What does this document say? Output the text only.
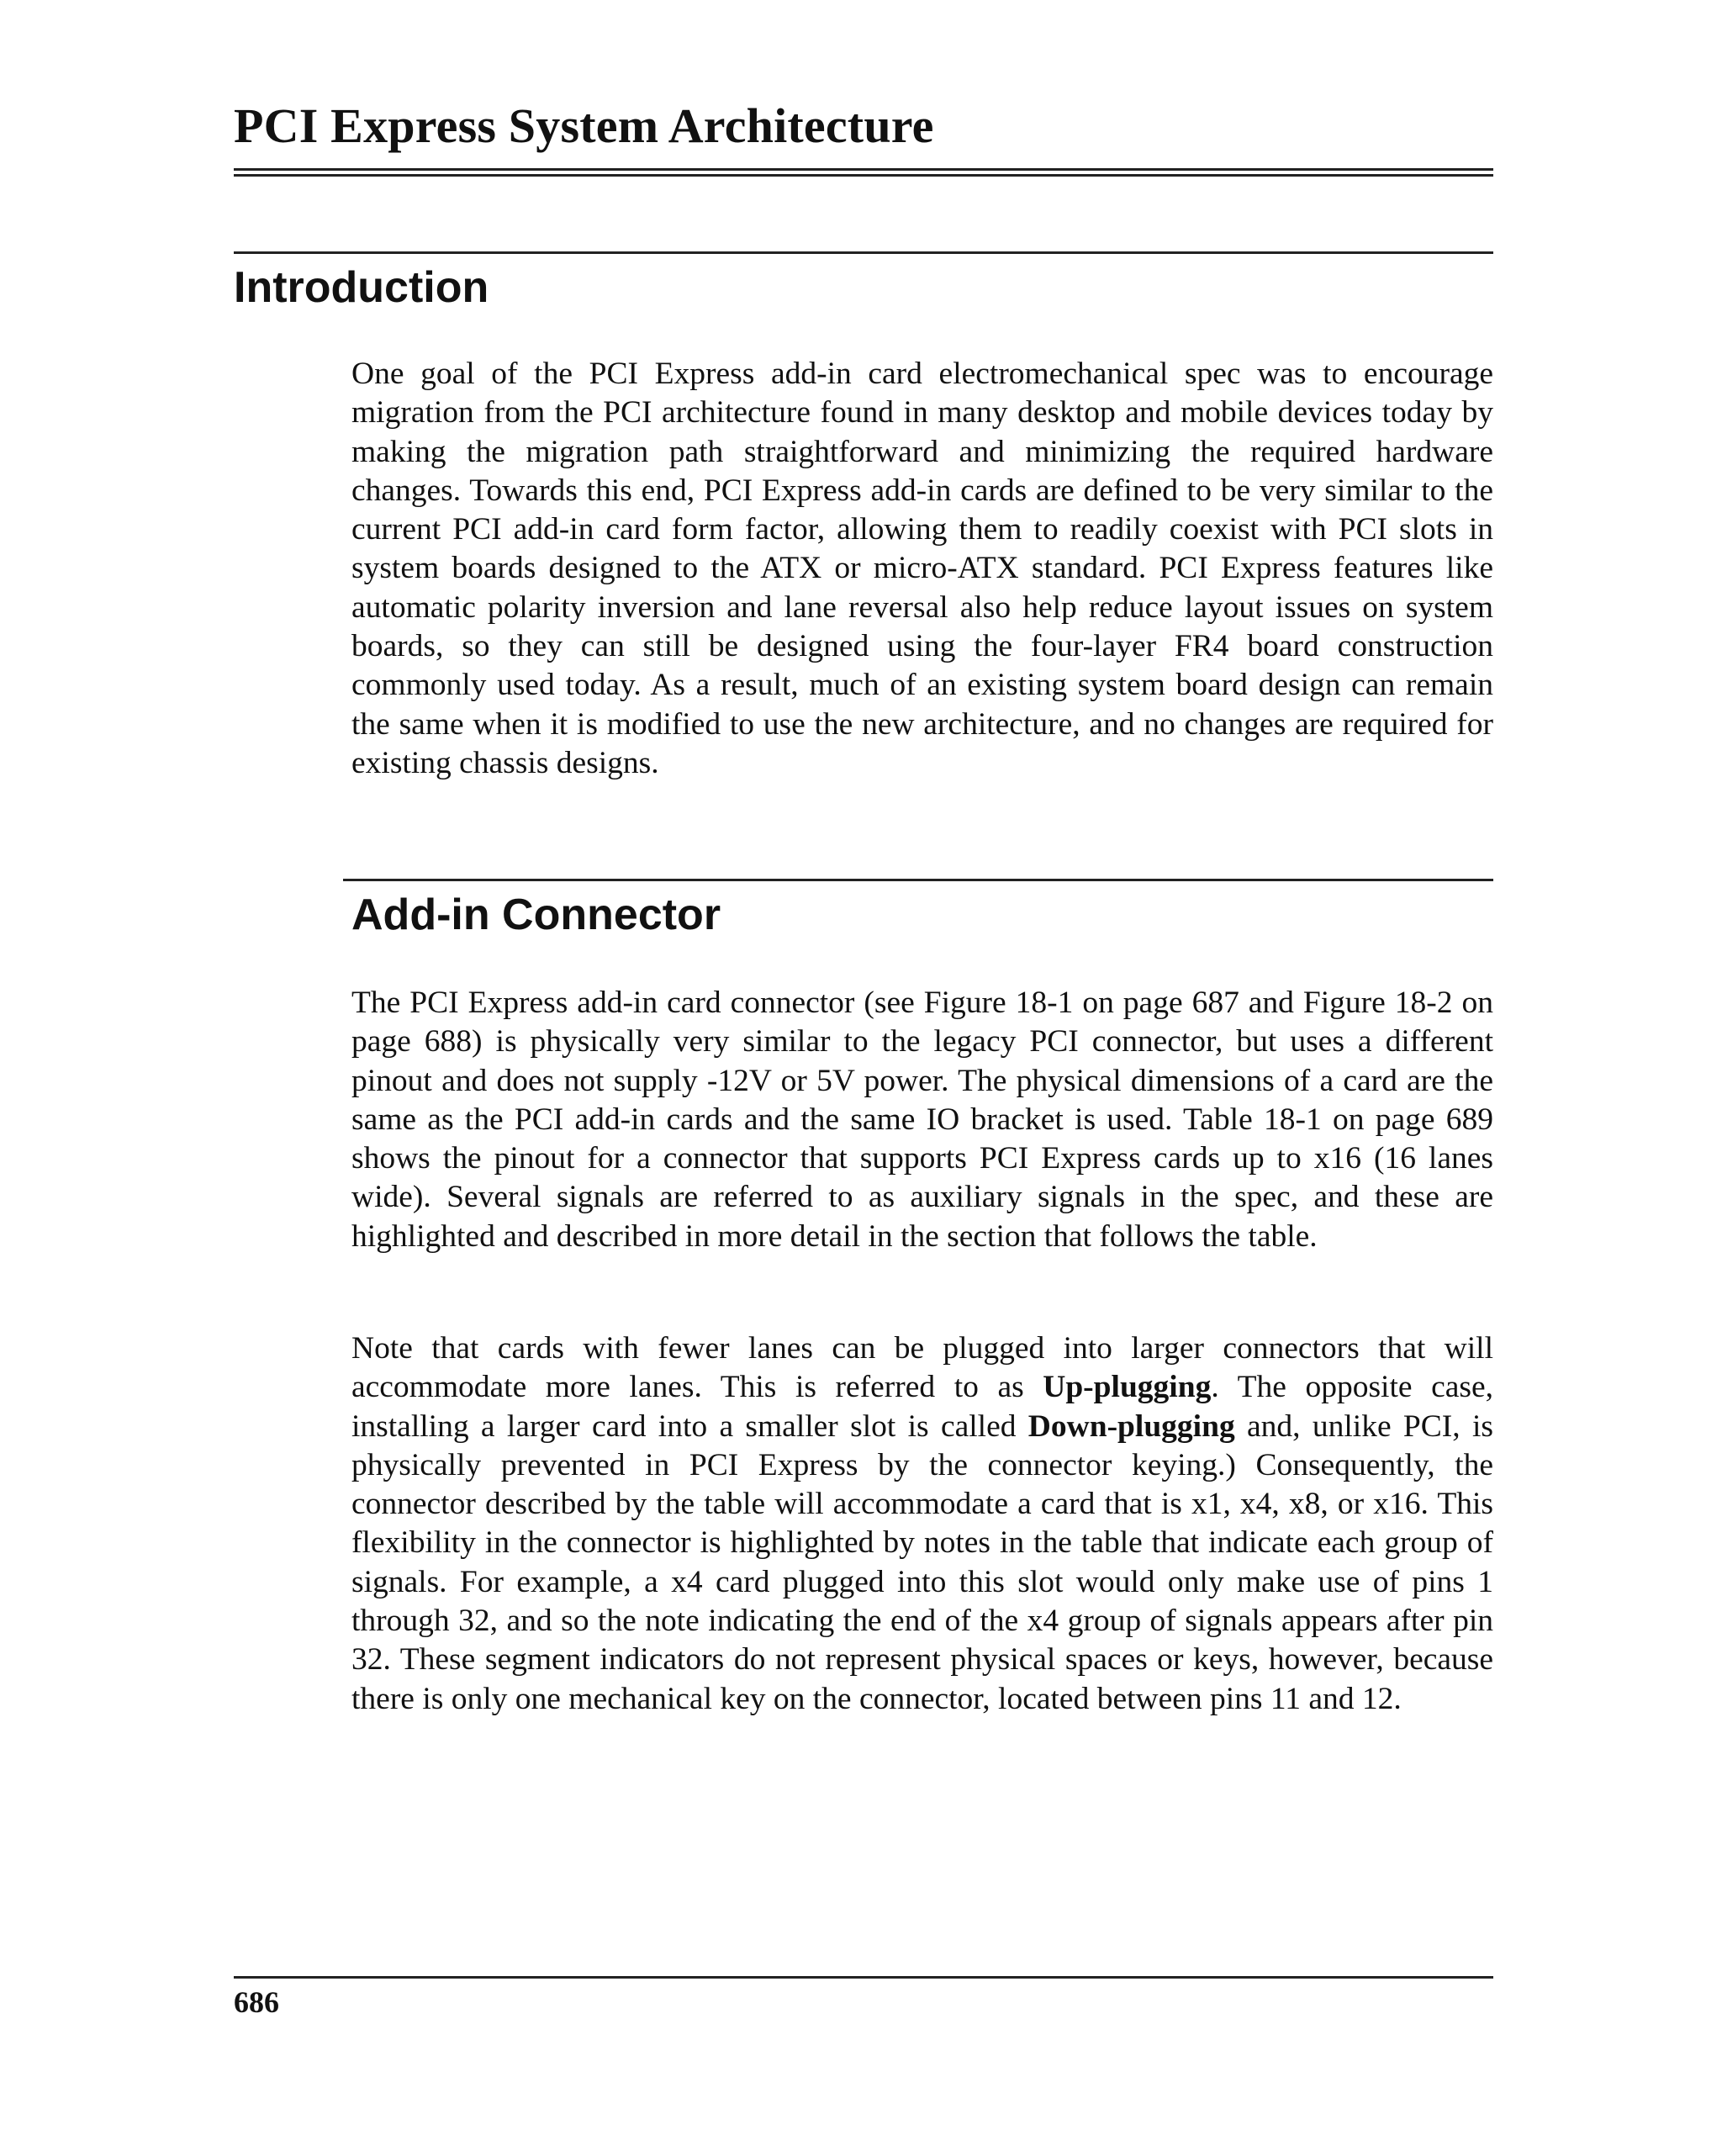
PCI Express System Architecture
Introduction

One goal of the PCI Express add-in card electromechanical spec was to encourage migration from the PCI architecture found in many desktop and mobile devices today by making the migration path straightforward and minimizing the required hardware changes. Towards this end, PCI Express add-in cards are defined to be very similar to the current PCI add-in card form factor, allowing them to readily coexist with PCI slots in system boards designed to the ATX or micro-ATX standard. PCI Express features like automatic polarity inversion and lane reversal also help reduce layout issues on system boards, so they can still be designed using the four-layer FR4 board construction commonly used today. As a result, much of an existing system board design can remain the same when it is modified to use the new architecture, and no changes are required for existing chassis designs.

Add-in Connector

The PCI Express add-in card connector (see Figure 18-1 on page 687 and Figure 18-2 on page 688) is physically very similar to the legacy PCI connector, but uses a different pinout and does not supply -12V or 5V power. The physical dimensions of a card are the same as the PCI add-in cards and the same IO bracket is used. Table 18-1 on page 689 shows the pinout for a connector that supports PCI Express cards up to x16 (16 lanes wide). Several signals are referred to as auxiliary signals in the spec, and these are highlighted and described in more detail in the section that follows the table.

Note that cards with fewer lanes can be plugged into larger connectors that will accommodate more lanes. This is referred to as Up-plugging. The opposite case, installing a larger card into a smaller slot is called Down-plugging and, unlike PCI, is physically prevented in PCI Express by the connector keying.) Consequently, the connector described by the table will accommodate a card that is x1, x4, x8, or x16. This flexibility in the connector is highlighted by notes in the table that indicate each group of signals. For example, a x4 card plugged into this slot would only make use of pins 1 through 32, and so the note indicating the end of the x4 group of signals appears after pin 32. These segment indicators do not represent physical spaces or keys, however, because there is only one mechanical key on the connector, located between pins 11 and 12.

686
